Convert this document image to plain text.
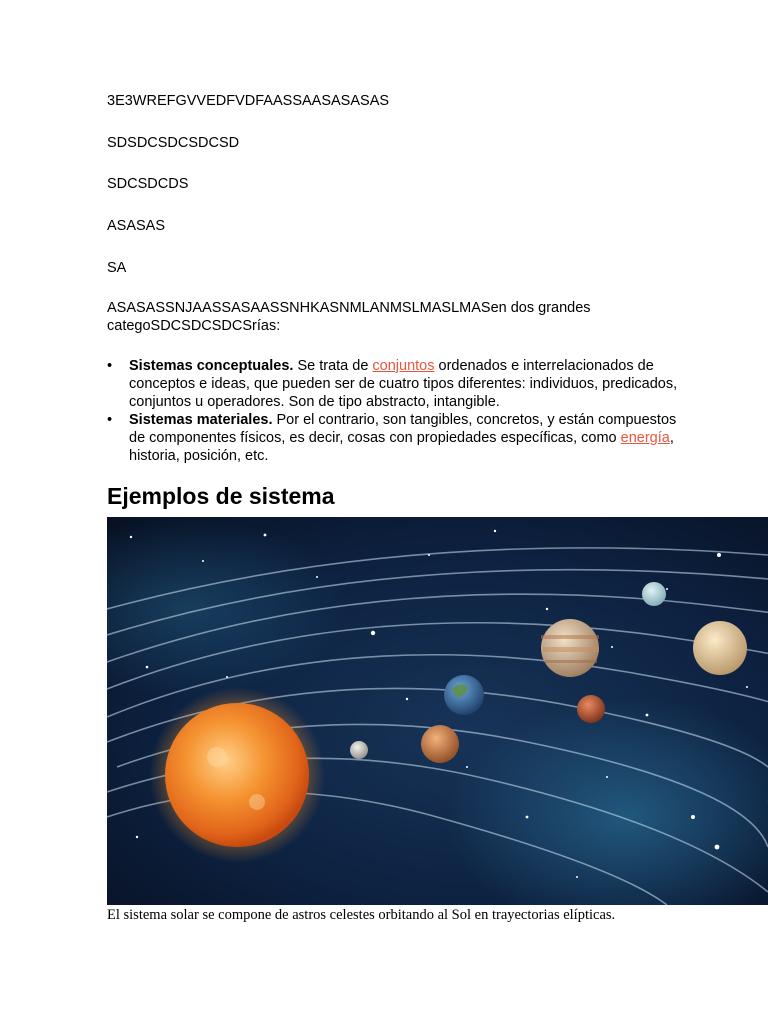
3E3WREFGVVEDFVDFAASSAASASASAS
SDSDCSDCSDCSD
SDCSDCDS
ASASAS
SA
ASASASSNJAASSASAASSNHKASNMLANMSLMASLMASen dos grandes categoSDCSDCSDCSrías:
• Sistemas conceptuales. Se trata de conjuntos ordenados e interrelacionados de conceptos e ideas, que pueden ser de cuatro tipos diferentes: individuos, predicados, conjuntos u operadores. Son de tipo abstracto, intangible.
• Sistemas materiales. Por el contrario, son tangibles, concretos, y están compuestos de componentes físicos, es decir, cosas con propiedades específicas, como energía, historia, posición, etc.
Ejemplos de sistema
El sistema solar se compone de astros celestes orbitando al Sol en trayectorias elípticas.
